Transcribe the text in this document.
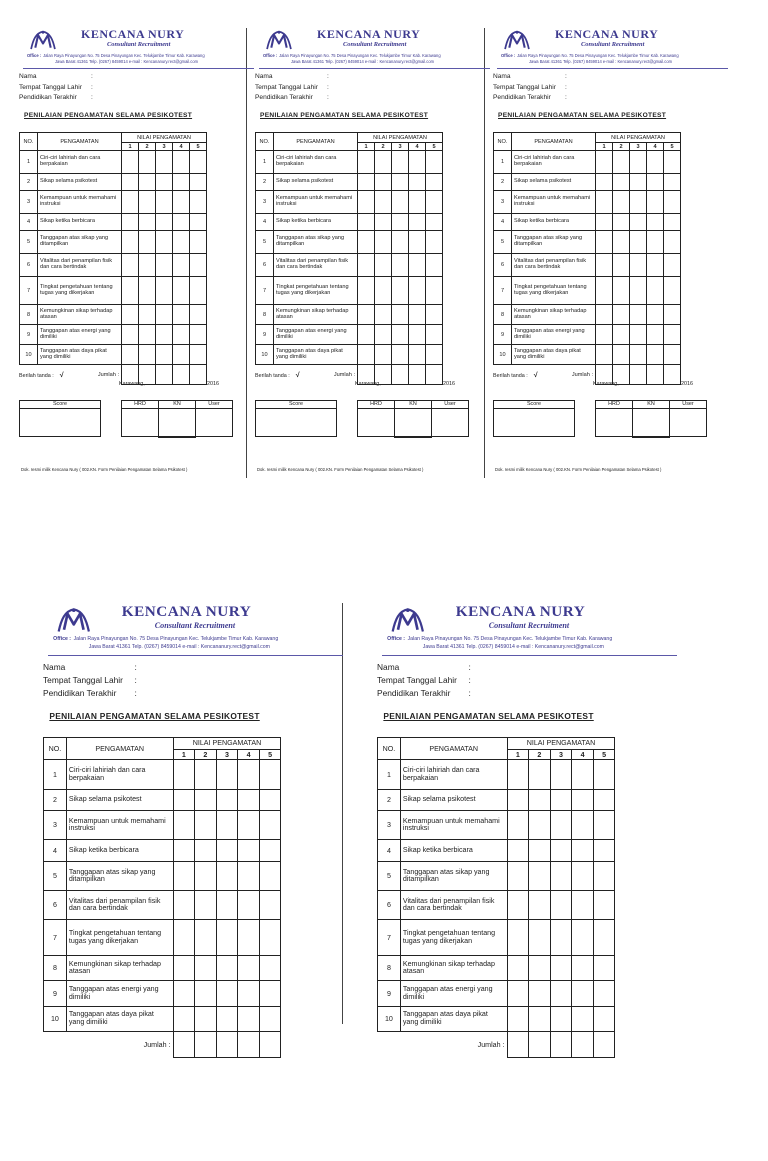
KENCANA NURY
Consultant Recruitment
Office : Jalan Raya Pinayungan No. 75 Desa Pinayungan Kec. Telukjambe Timur Kab. Karawang
Jawa Barat 41361 Telp. (0267) 8459014 e-mail : Kencananury.rect@gmail.com
Nama	:
Tempat Tanggal Lahir :
Pendidikan Terakhir :
PENILAIAN PENGAMATAN SELAMA PESIKOTEST
NO.	PENGAMATAN	NILAI PENGAMATAN				
		1	2	3	4	5
1	Ciri-ciri lahiriah dan cara berpakaian					
2	Sikap selama psikotest					
3	Kemampuan untuk memahami instruksi					
4	Sikap ketika berbicara					
5	Tanggapan atas sikap yang ditampilkan					
6	Vitalitas dari penampilan fisik dan cara bertindak					
7	Tingkat pengetahuan tentang tugas yang dikerjakan					
8	Kemungkinan sikap terhadap atasan					
9	Tanggapan atas energi yang dimiliki					
10	Tanggapan atas daya pikat yang dimiliki					
Jumlah :						
Berilah tanda : √
Karawang,	2016
Score	HRD	KN	User

Dok. resmi milik Kencana Nury ( 002.KN. Form Penilaian Pengamatan Selama Psikotest )
KENCANA NURY
Consultant Recruitment
Office : Jalan Raya Pinayungan No. 75 Desa Pinayungan Kec. Telukjambe Timur Kab. Karawang
Jawa Barat 41361 Telp. (0267) 8459014 e-mail : Kencananury.rect@gmail.com
Nama	:
Tempat Tanggal Lahir :
Pendidikan Terakhir :
PENILAIAN PENGAMATAN SELAMA PESIKOTEST
NO.	PENGAMATAN	NILAI PENGAMATAN				
		1	2	3	4	5
1	Ciri-ciri lahiriah dan cara berpakaian					
2	Sikap selama psikotest					
3	Kemampuan untuk memahami instruksi					
4	Sikap ketika berbicara					
5	Tanggapan atas sikap yang ditampilkan					
6	Vitalitas dari penampilan fisik dan cara bertindak					
7	Tingkat pengetahuan tentang tugas yang dikerjakan					
8	Kemungkinan sikap terhadap atasan					
9	Tanggapan atas energi yang dimiliki					
10	Tanggapan atas daya pikat yang dimiliki					
Jumlah :						
Berilah tanda : √
Karawang,	2016
Score	HRD	KN	User

Dok. resmi milik Kencana Nury ( 002.KN. Form Penilaian Pengamatan Selama Psikotest )
KENCANA NURY
Consultant Recruitment
Office : Jalan Raya Pinayungan No. 75 Desa Pinayungan Kec. Telukjambe Timur Kab. Karawang
Jawa Barat 41361 Telp. (0267) 8459014 e-mail : Kencananury.rect@gmail.com
Nama	:
Tempat Tanggal Lahir :
Pendidikan Terakhir :
PENILAIAN PENGAMATAN SELAMA PESIKOTEST
NO.	PENGAMATAN	NILAI PENGAMATAN				
		1	2	3	4	5
1	Ciri-ciri lahiriah dan cara berpakaian					
2	Sikap selama psikotest					
3	Kemampuan untuk memahami instruksi					
4	Sikap ketika berbicara					
5	Tanggapan atas sikap yang ditampilkan					
6	Vitalitas dari penampilan fisik dan cara bertindak					
7	Tingkat pengetahuan tentang tugas yang dikerjakan					
8	Kemungkinan sikap terhadap atasan					
9	Tanggapan atas energi yang dimiliki					
10	Tanggapan atas daya pikat yang dimiliki					
Jumlah :						
Berilah tanda : √
Karawang,	2016
Score	HRD	KN	User

Dok. resmi milik Kencana Nury ( 002.KN. Form Penilaian Pengamatan Selama Psikotest )
KENCANA NURY
Consultant Recruitment
Office : Jalan Raya Pinayungan No. 75 Desa Pinayungan Kec. Telukjambe Timur Kab. Karawang
Jawa Barat 41361 Telp. (0267) 8459014 e-mail : Kencananury.rect@gmail.com
Nama	:
Tempat Tanggal Lahir :
Pendidikan Terakhir :
PENILAIAN PENGAMATAN SELAMA PESIKOTEST
NO.	PENGAMATAN	NILAI PENGAMATAN				
		1	2	3	4	5
1	Ciri-ciri lahiriah dan cara berpakaian					
2	Sikap selama psikotest					
3	Kemampuan untuk memahami instruksi					
4	Sikap ketika berbicara					
5	Tanggapan atas sikap yang ditampilkan					
6	Vitalitas dari penampilan fisik dan cara bertindak					
7	Tingkat pengetahuan tentang tugas yang dikerjakan					
8	Kemungkinan sikap terhadap atasan					
9	Tanggapan atas energi yang dimiliki					
10	Tanggapan atas daya pikat yang dimiliki					
Jumlah :						
KENCANA NURY
Consultant Recruitment
Office : Jalan Raya Pinayungan No. 75 Desa Pinayungan Kec. Telukjambe Timur Kab. Karawang
Jawa Barat 41361 Telp. (0267) 8459014 e-mail : Kencananury.rect@gmail.com
Nama	:
Tempat Tanggal Lahir :
Pendidikan Terakhir :
PENILAIAN PENGAMATAN SELAMA PESIKOTEST
NO.	PENGAMATAN	NILAI PENGAMATAN				
		1	2	3	4	5
1	Ciri-ciri lahiriah dan cara berpakaian					
2	Sikap selama psikotest					
3	Kemampuan untuk memahami instruksi					
4	Sikap ketika berbicara					
5	Tanggapan atas sikap yang ditampilkan					
6	Vitalitas dari penampilan fisik dan cara bertindak					
7	Tingkat pengetahuan tentang tugas yang dikerjakan					
8	Kemungkinan sikap terhadap atasan					
9	Tanggapan atas energi yang dimiliki					
10	Tanggapan atas daya pikat yang dimiliki					
Jumlah :						
